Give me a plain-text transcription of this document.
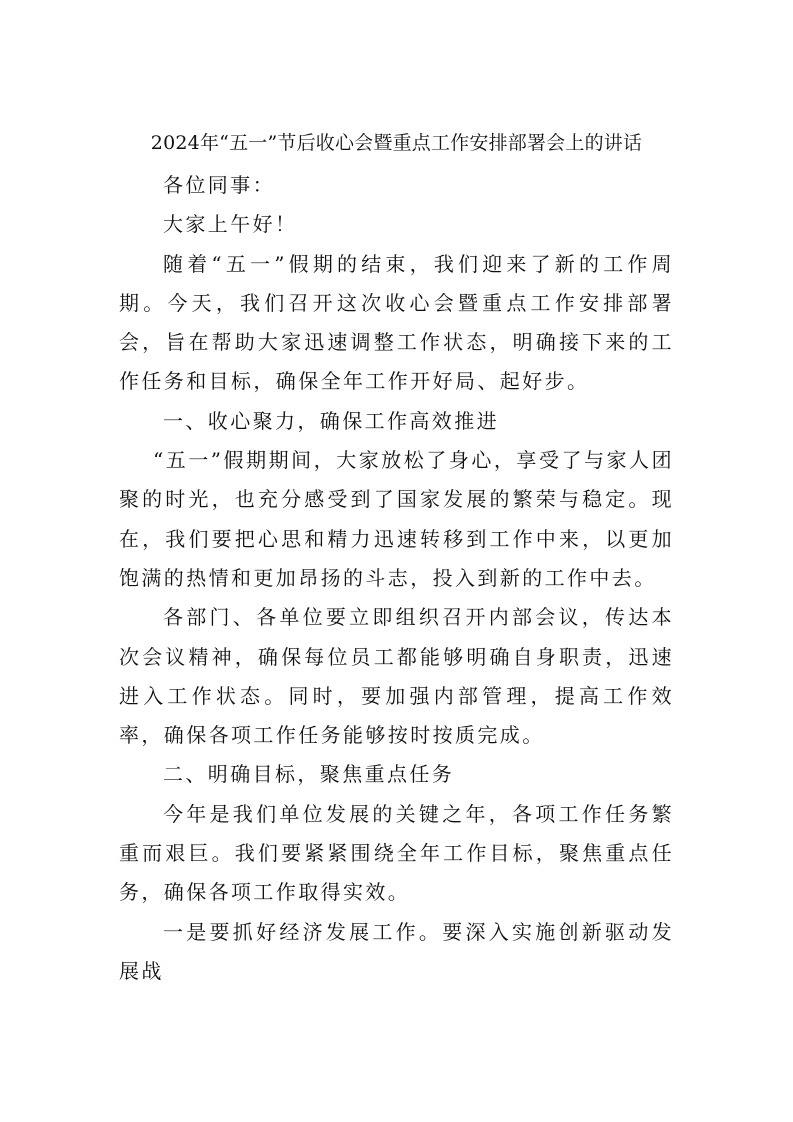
2024年“五一”节后收心会暨重点工作安排部署会上的讲话

各位同事：

大家上午好！

随着“五一”假期的结束，我们迎来了新的工作周期。今天，我们召开这次收心会暨重点工作安排部署会，旨在帮助大家迅速调整工作状态，明确接下来的工作任务和目标，确保全年工作开好局、起好步。

一、收心聚力，确保工作高效推进

“五一”假期期间，大家放松了身心，享受了与家人团聚的时光，也充分感受到了国家发展的繁荣与稳定。现在，我们要把心思和精力迅速转移到工作中来，以更加饱满的热情和更加昂扬的斗志，投入到新的工作中去。

各部门、各单位要立即组织召开内部会议，传达本次会议精神，确保每位员工都能够明确自身职责，迅速进入工作状态。同时，要加强内部管理，提高工作效率，确保各项工作任务能够按时按质完成。

二、明确目标，聚焦重点任务

今年是我们单位发展的关键之年，各项工作任务繁重而艰巨。我们要紧紧围绕全年工作目标，聚焦重点任务，确保各项工作取得实效。

一是要抓好经济发展工作。要深入实施创新驱动发展战
